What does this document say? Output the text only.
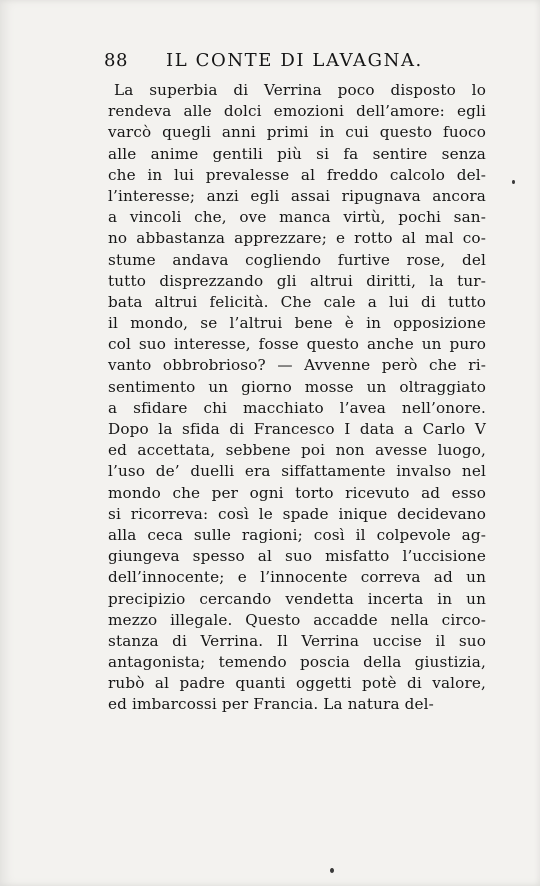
88 IL CONTE DI LAVAGNA.
La superbia di Verrina poco disposto lo
rendeva alle dolci emozioni dell’amore: egli
varcò quegli anni primi in cui questo fuoco
alle anime gentili più si fa sentire senza
che in lui prevalesse al freddo calcolo del-
l’interesse; anzi egli assai ripugnava ancora
a vincoli che, ove manca virtù, pochi san-
no abbastanza apprezzare; e rotto al mal co-
stume andava cogliendo furtive rose, del
tutto disprezzando gli altrui diritti, la tur-
bata altrui felicità. Che cale a lui di tutto
il mondo, se l’altrui bene è in opposizione
col suo interesse, fosse questo anche un puro
vanto obbrobrioso? — Avvenne però che ri-
sentimento un giorno mosse un oltraggiato
a sfidare chi macchiato l’avea nell’onore.
Dopo la sfida di Francesco I data a Carlo V
ed accettata, sebbene poi non avesse luogo,
l’uso de’ duelli era siffattamente invalso nel
mondo che per ogni torto ricevuto ad esso
si ricorreva: così le spade inique decidevano
alla ceca sulle ragioni; così il colpevole ag-
giungeva spesso al suo misfatto l’uccisione
dell’innocente; e l’innocente correva ad un
precipizio cercando vendetta incerta in un
mezzo illegale. Questo accadde nella circo-
stanza di Verrina. Il Verrina uccise il suo
antagonista; temendo poscia della giustizia,
rubò al padre quanti oggetti potè di valore,
ed imbarcossi per Francia. La natura del-
